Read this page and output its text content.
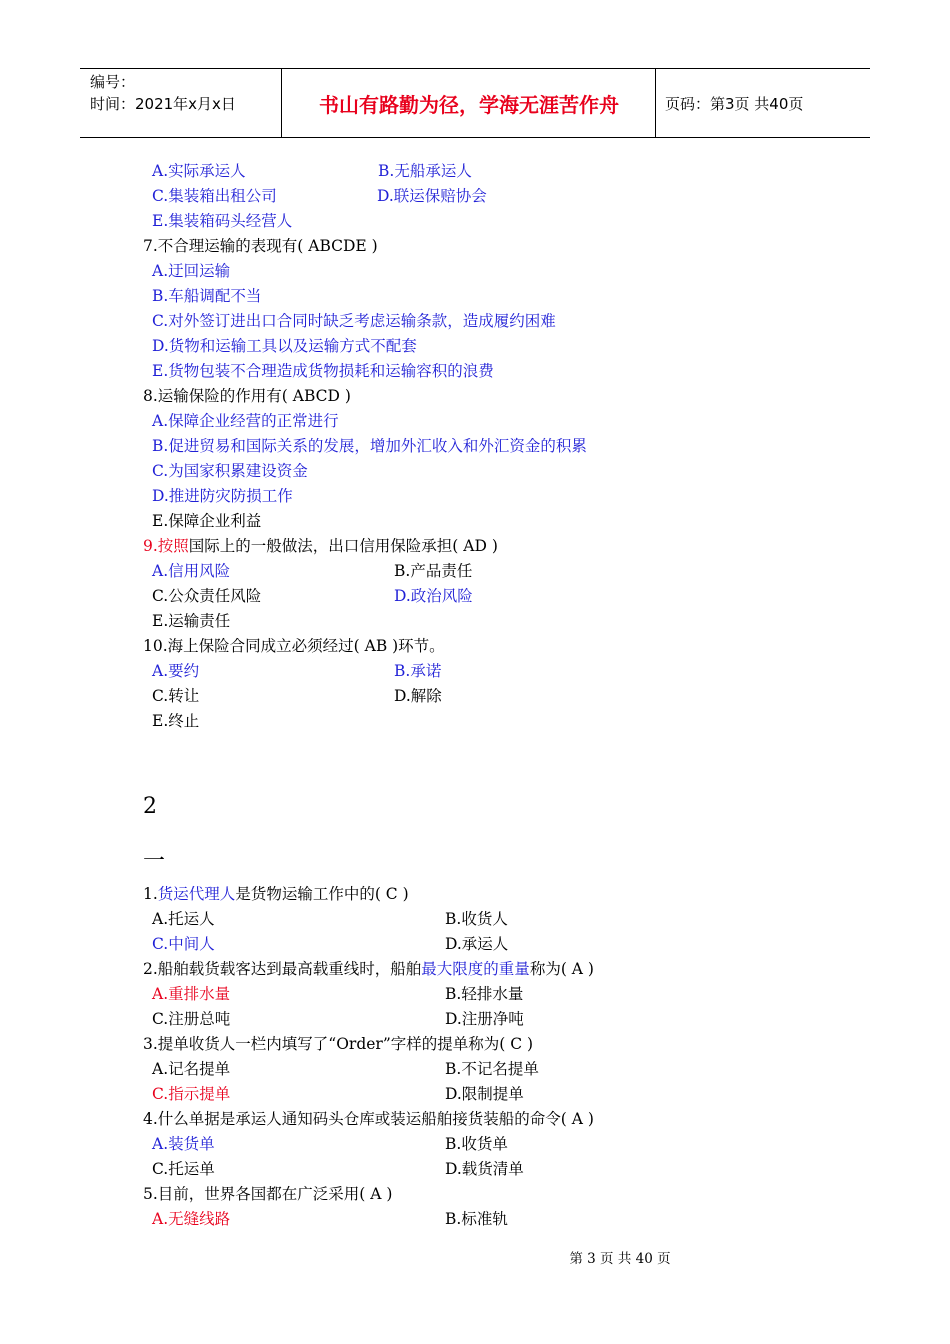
编号：
时间：2021年x月x日	书山有路勤为径，学海无涯苦作舟	页码：第3页 共40页
A.实际承运人	B.无船承运人
C.集装箱出租公司	D.联运保赔协会
E.集装箱码头经营人
7.不合理运输的表现有( ABCDE )
A.迂回运输
B.车船调配不当
C.对外签订进出口合同时缺乏考虑运输条款，造成履约困难
D.货物和运输工具以及运输方式不配套
E.货物包装不合理造成货物损耗和运输容积的浪费
8.运输保险的作用有( ABCD )
A.保障企业经营的正常进行
B.促进贸易和国际关系的发展，增加外汇收入和外汇资金的积累
C.为国家积累建设资金
D.推进防灾防损工作
E.保障企业利益
9.按照国际上的一般做法，出口信用保险承担( AD )
A.信用风险	B.产品责任
C.公众责任风险	D.政治风险
E.运输责任
10.海上保险合同成立必须经过( AB )环节。
A.要约	B.承诺
C.转让	D.解除
E.终止
2
一
1.货运代理人是货物运输工作中的( C )
A.托运人	B.收货人
C.中间人	D.承运人
2.船舶载货载客达到最高载重线时，船舶最大限度的重量称为( A )
A.重排水量	B.轻排水量
C.注册总吨	D.注册净吨
3.提单收货人一栏内填写了“Order”字样的提单称为( C )
A.记名提单	B.不记名提单
C.指示提单	D.限制提单
4.什么单据是承运人通知码头仓库或装运船舶接货装船的命令( A )
A.装货单	B.收货单
C.托运单	D.载货清单
5.目前，世界各国都在广泛采用( A )
A.无缝线路	B.标准轨
第 3 页 共 40 页
